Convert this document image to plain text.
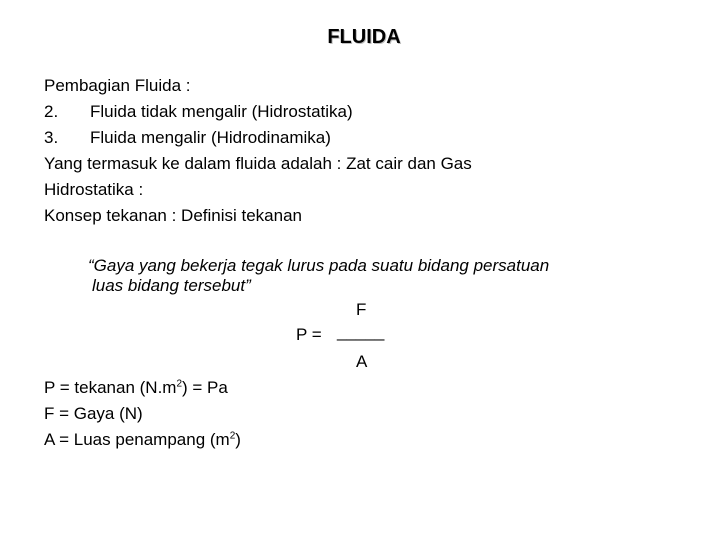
FLUIDA
Pembagian Fluida :
2. Fluida tidak mengalir (Hidrostatika)
3. Fluida mengalir (Hidrodinamika)
Yang termasuk ke dalam fluida adalah : Zat cair dan Gas
Hidrostatika :
Konsep tekanan : Definisi tekanan
“Gaya yang bekerja tegak lurus pada suatu bidang persatuan
luas bidang tersebut”
F
P = _____
A
P = tekanan $(N.m^2) = Pa$
F = Gaya (N)
A = Luas penampang $(m^2)$
